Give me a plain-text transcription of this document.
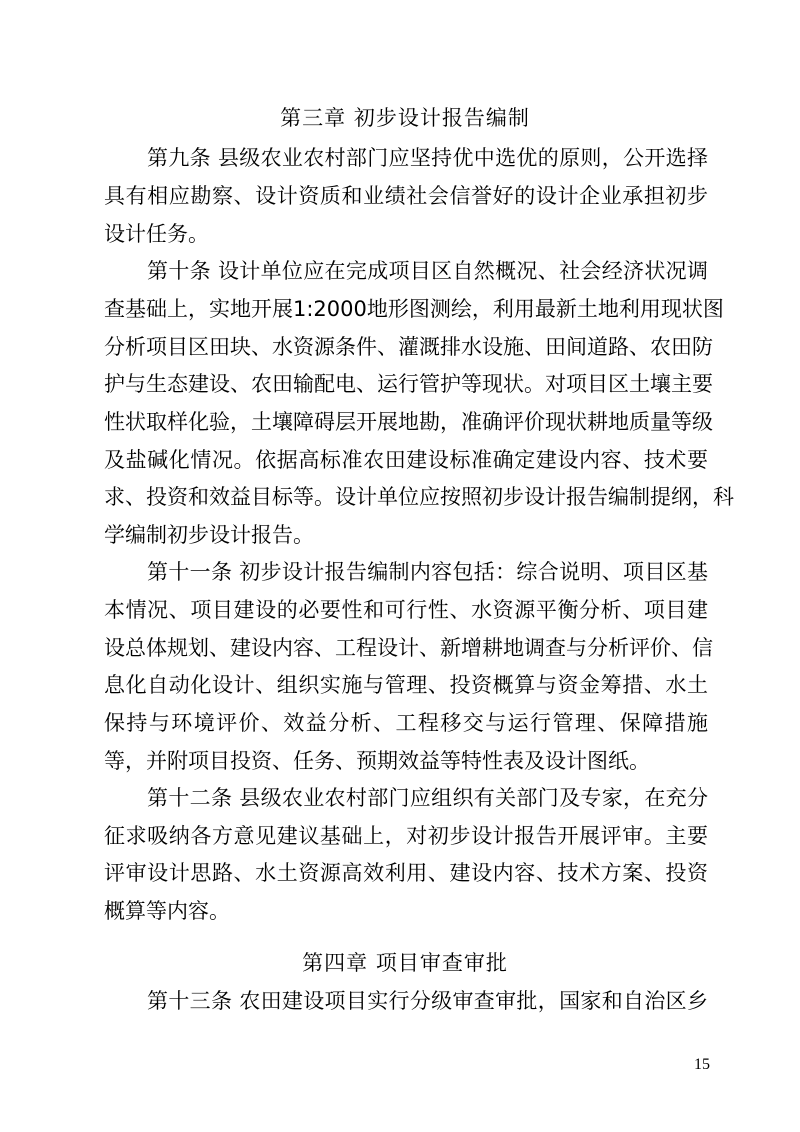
第三章 初步设计报告编制
第九条 县级农业农村部门应坚持优中选优的原则，公开选择
具有相应勘察、设计资质和业绩社会信誉好的设计企业承担初步
设计任务。
第十条 设计单位应在完成项目区自然概况、社会经济状况调
查基础上，实地开展1:2000地形图测绘，利用最新土地利用现状图
分析项目区田块、水资源条件、灌溉排水设施、田间道路、农田防
护与生态建设、农田输配电、运行管护等现状。对项目区土壤主要
性状取样化验，土壤障碍层开展地勘，准确评价现状耕地质量等级
及盐碱化情况。依据高标准农田建设标准确定建设内容、技术要
求、投资和效益目标等。设计单位应按照初步设计报告编制提纲，科
学编制初步设计报告。
第十一条 初步设计报告编制内容包括：综合说明、项目区基
本情况、项目建设的必要性和可行性、水资源平衡分析、项目建
设总体规划、建设内容、工程设计、新增耕地调查与分析评价、信
息化自动化设计、组织实施与管理、投资概算与资金筹措、水土
保持与环境评价、效益分析、工程移交与运行管理、保障措施
等，并附项目投资、任务、预期效益等特性表及设计图纸。
第十二条 县级农业农村部门应组织有关部门及专家，在充分
征求吸纳各方意见建议基础上，对初步设计报告开展评审。主要
评审设计思路、水土资源高效利用、建设内容、技术方案、投资
概算等内容。
第四章 项目审查审批
第十三条 农田建设项目实行分级审查审批，国家和自治区乡
15
